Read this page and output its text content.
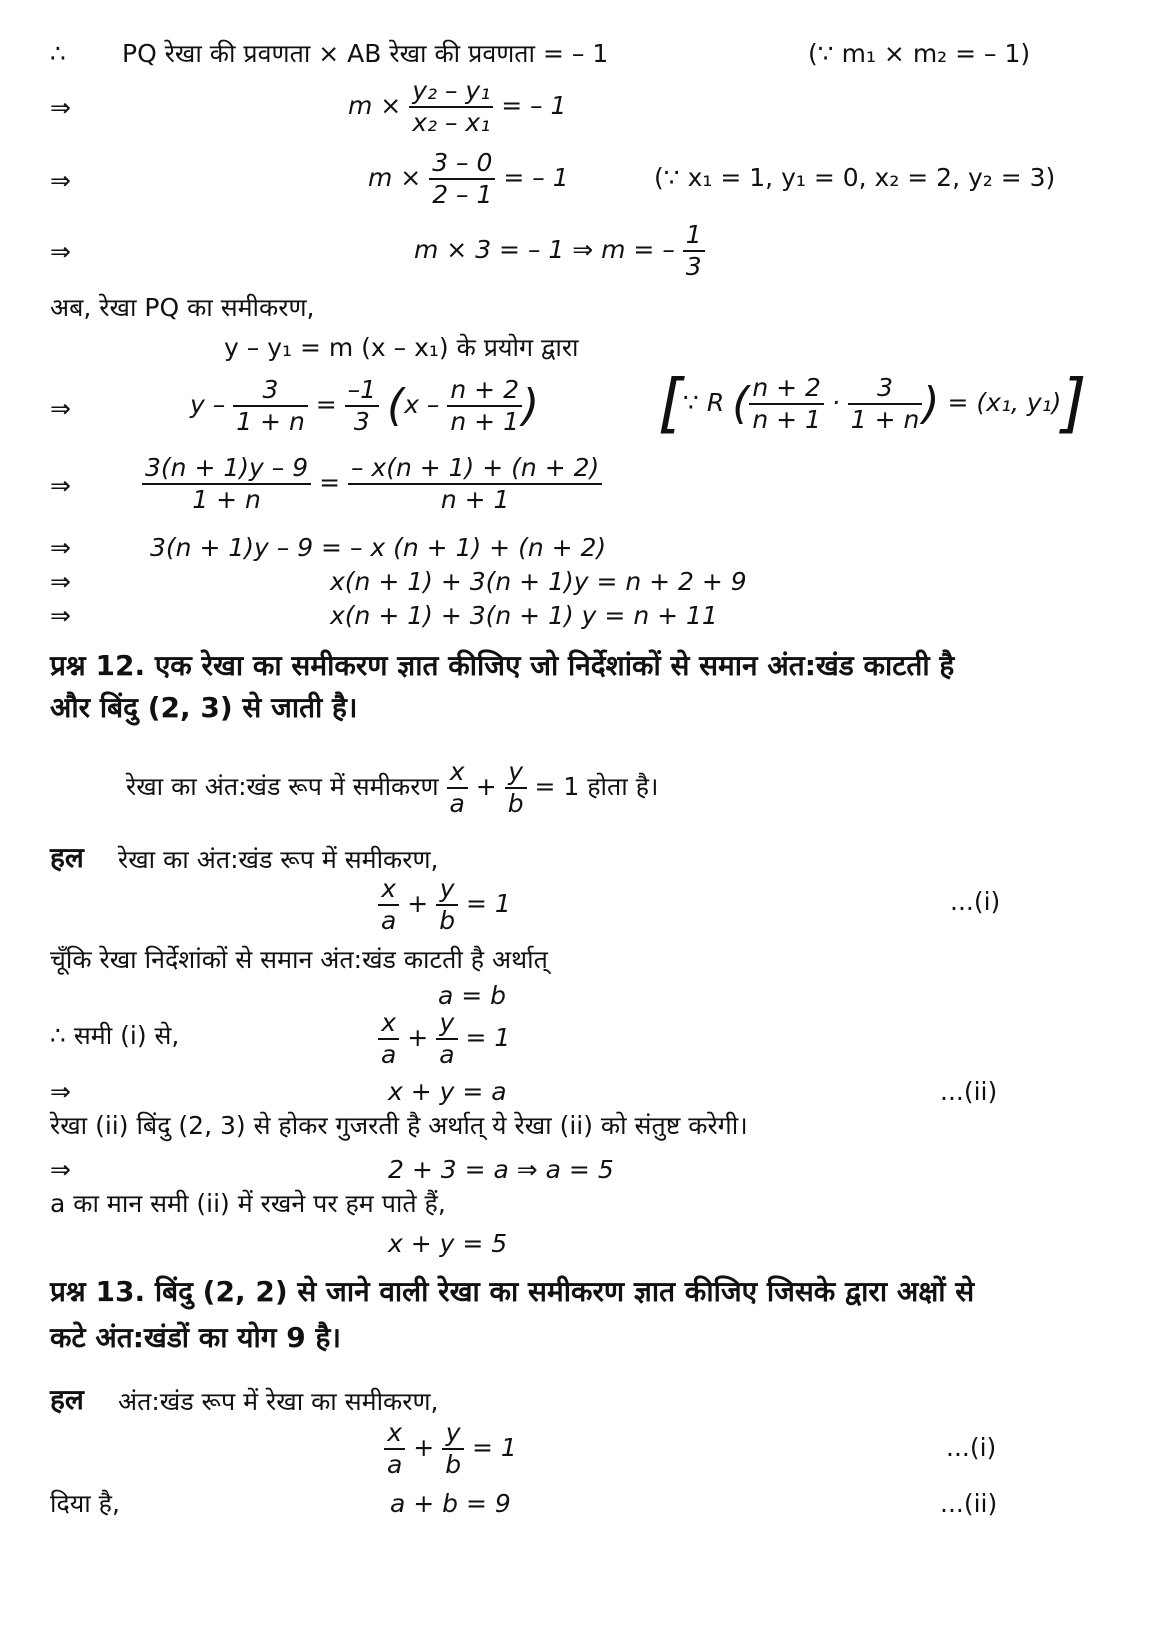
∴ PQ रेखा की प्रवणता × AB रेखा की प्रवणता = – 1	(∵ m₁ × m₂ = – 1)
⇒	$m \times \frac{\text{y₂ – y₁}}{\text{x₂ – x₁}}$ = – 1
⇒	$m \times \frac{3 - 0}{2 - 1}$ = – 1	(∵ x₁ = 1, y₁ = 0, x₂ = 2, y₂ = 3)
⇒	m × 3 = – 1 ⇒ m = – $\frac{1}{3}$
अब, रेखा PQ का समीकरण,
y – y₁ = m (x – x₁) के प्रयोग द्वारा
⇒	$y - \frac{3}{1 + n} = \frac{-1}{3} (x - \frac{n + 2}{n + 1}$ ) [∵ R ( $\frac{n + 2}{n + 1} \cdot \frac{3}{1 + n}$ ) = (x₁, y₁)]
⇒	$\frac{3(n + 1)y - 9}{1 + n} = \frac{- x(n + 1) + (n + 2)}{n + 1}$
⇒	3(n + 1)y – 9 = – x (n + 1) + (n + 2)
⇒	x(n + 1) + 3(n + 1)y = n + 2 + 9
⇒	x(n + 1) + 3(n + 1) y = n + 11
प्रश्न 12. एक रेखा का समीकरण ज्ञात कीजिए जो निर्देशांकों से समान अंत:खंड काटती है
और बिंदु (2, 3) से जाती है।
रेखा का अंत:खंड रूप में समीकरण $\frac{x}{a} + \frac{y}{b} = 1$ होता है।
हल रेखा का अंत:खंड रूप में समीकरण,
$\frac{x}{a} + \frac{y}{b} = 1$	...(i)
चूँकि रेखा निर्देशांकों से समान अंत:खंड काटती है अर्थात्
a = b
∴ समी (i) से,	$\frac{x}{a} + \frac{y}{a} = 1$
⇒	x + y = a	...(ii)
रेखा (ii) बिंदु (2, 3) से होकर गुजरती है अर्थात् ये रेखा (ii) को संतुष्ट करेगी।
⇒	2 + 3 = a ⇒ a = 5
a का मान समी (ii) में रखने पर हम पाते हैं,
x + y = 5
प्रश्न 13. बिंदु (2, 2) से जाने वाली रेखा का समीकरण ज्ञात कीजिए जिसके द्वारा अक्षों से
कटे अंत:खंडों का योग 9 है।
हल अंत:खंड रूप में रेखा का समीकरण,
$\frac{x}{a} + \frac{y}{b} = 1$	...(i)
दिया है,	a + b = 9	...(ii)
